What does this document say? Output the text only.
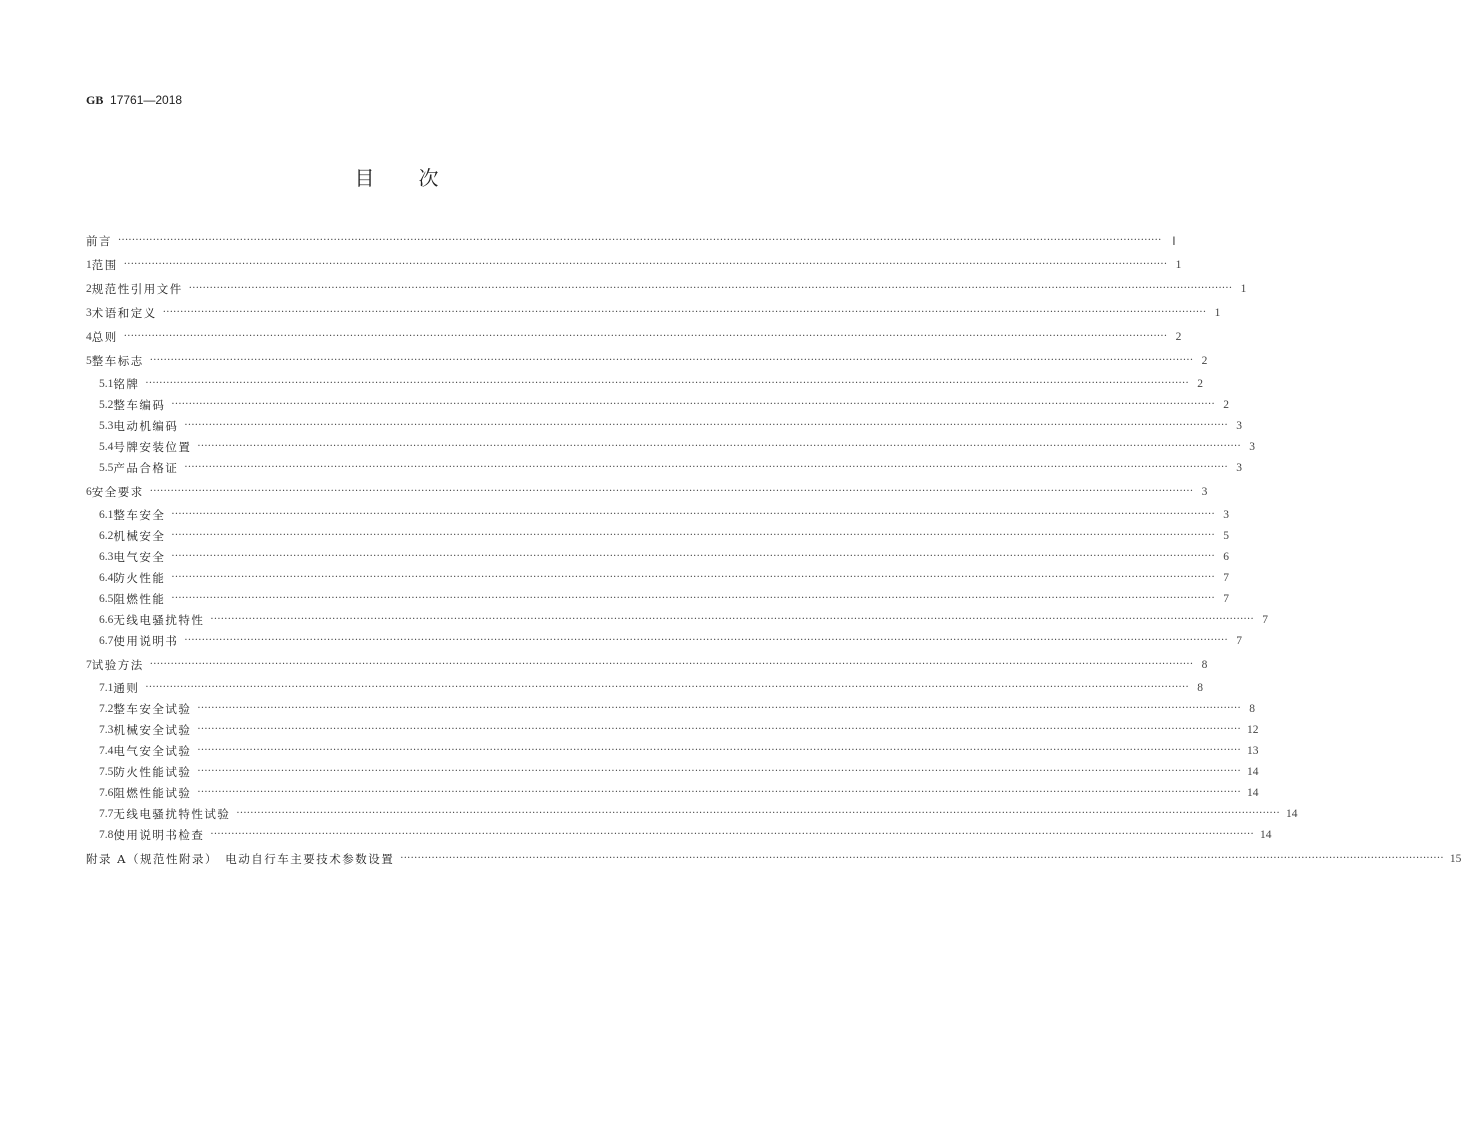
GB 17761—2018
目 次
前言 ············································································································································································································································································································ Ⅰ
1 范围 ············································································································································································································································································································ 1
2 规范性引用文件 ············································································································································································································································································································ 1
3 术语和定义 ············································································································································································································································································································ 1
4 总则 ············································································································································································································································································································ 2
5 整车标志 ············································································································································································································································································································ 2
5.1 铭牌 ············································································································································································································································································································ 2
5.2 整车编码 ············································································································································································································································································································ 2
5.3 电动机编码 ············································································································································································································································································································ 3
5.4 号牌安装位置 ············································································································································································································································································································ 3
5.5 产品合格证 ············································································································································································································································································································ 3
6 安全要求 ············································································································································································································································································································ 3
6.1 整车安全 ············································································································································································································································································································ 3
6.2 机械安全 ············································································································································································································································································································ 5
6.3 电气安全 ············································································································································································································································································································ 6
6.4 防火性能 ············································································································································································································································································································ 7
6.5 阻燃性能 ············································································································································································································································································································ 7
6.6 无线电骚扰特性 ············································································································································································································································································································ 7
6.7 使用说明书 ············································································································································································································································································································ 7
7 试验方法 ············································································································································································································································································································ 8
7.1 通则 ············································································································································································································································································································ 8
7.2 整车安全试验 ············································································································································································································································································································ 8
7.3 机械安全试验 ············································································································································································································································································································ 12
7.4 电气安全试验 ············································································································································································································································································································ 13
7.5 防火性能试验 ············································································································································································································································································································ 14
7.6 阻燃性能试验 ············································································································································································································································································································ 14
7.7 无线电骚扰特性试验 ············································································································································································································································································································ 14
7.8 使用说明书检查 ············································································································································································································································································································ 14
附录 A（规范性附录）　电动自行车主要技术参数设置 ············································································································································································································································································································ 15
